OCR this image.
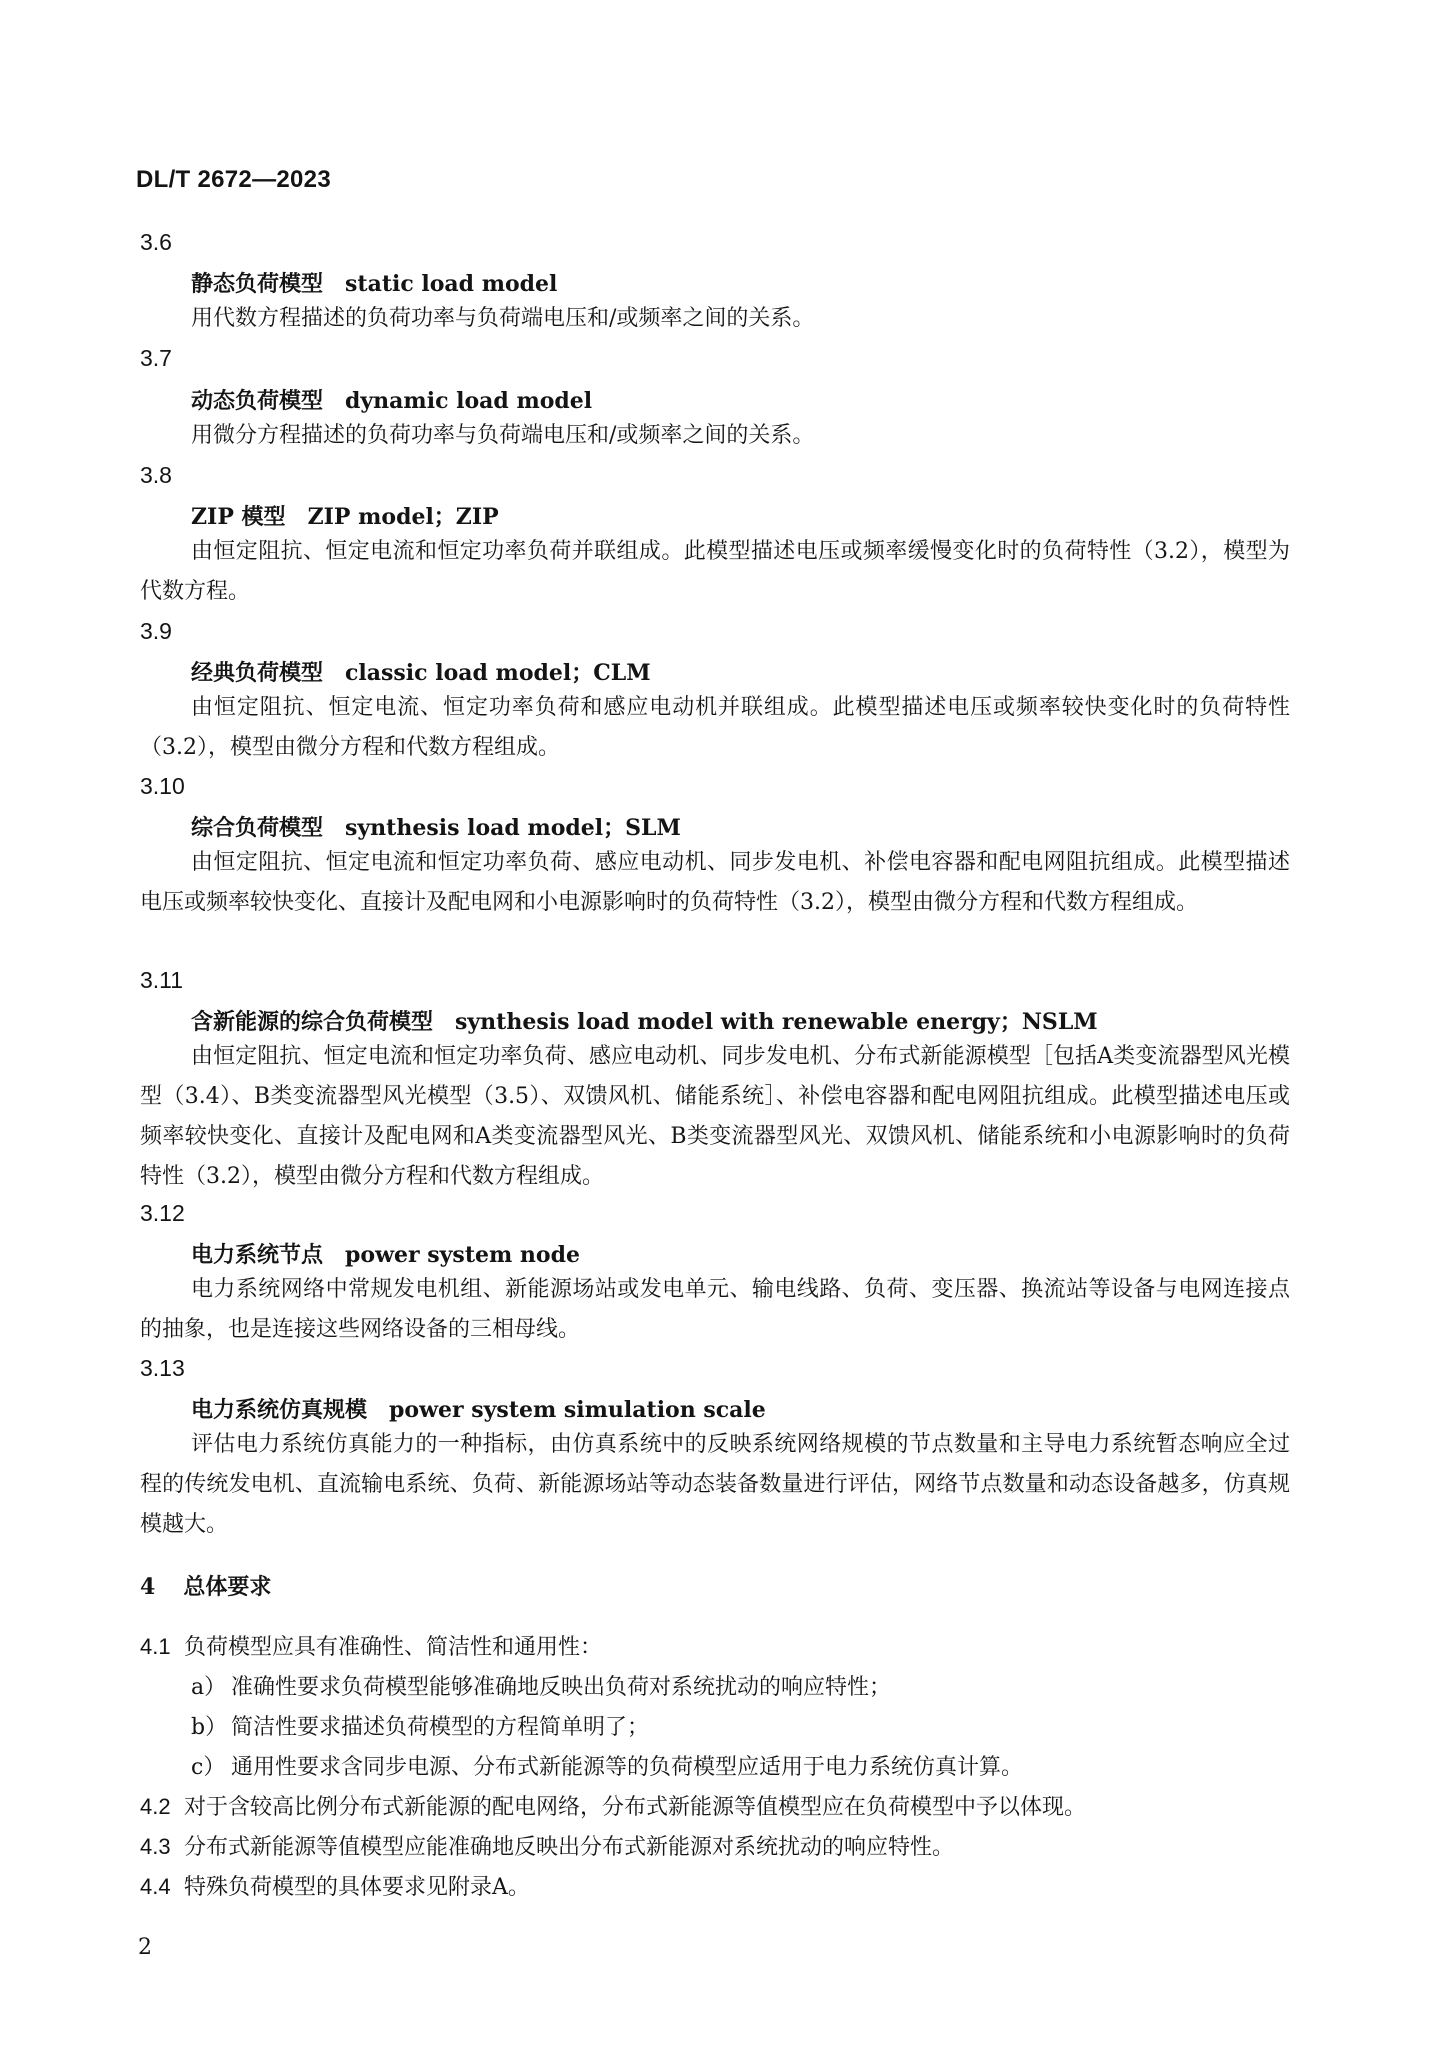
DL/T 2672—2023
3.6
静态负荷模型 static load model

用代数方程描述的负荷功率与负荷端电压和/或频率之间的关系。

3.7
动态负荷模型 dynamic load model

用微分方程描述的负荷功率与负荷端电压和/或频率之间的关系。

3.8
ZIP 模型 ZIP model；ZIP

由恒定阻抗、恒定电流和恒定功率负荷并联组成。此模型描述电压或频率缓慢变化时的负荷特性（3.2），模型为代数方程。

3.9
经典负荷模型 classic load model；CLM

由恒定阻抗、恒定电流、恒定功率负荷和感应电动机并联组成。此模型描述电压或频率较快变化时的负荷特性（3.2），模型由微分方程和代数方程组成。

3.10
综合负荷模型 synthesis load model；SLM

由恒定阻抗、恒定电流和恒定功率负荷、感应电动机、同步发电机、补偿电容器和配电网阻抗组成。此模型描述电压或频率较快变化、直接计及配电网和小电源影响时的负荷特性（3.2），模型由微分方程和代数方程组成。

3.11
含新能源的综合负荷模型 synthesis load model with renewable energy；NSLM

由恒定阻抗、恒定电流和恒定功率负荷、感应电动机、同步发电机、分布式新能源模型［包括A类变流器型风光模型（3.4）、B类变流器型风光模型（3.5）、双馈风机、储能系统］、补偿电容器和配电网阻抗组成。此模型描述电压或频率较快变化、直接计及配电网和A类变流器型风光、B类变流器型风光、双馈风机、储能系统和小电源影响时的负荷特性（3.2），模型由微分方程和代数方程组成。

3.12
电力系统节点 power system node

电力系统网络中常规发电机组、新能源场站或发电单元、输电线路、负荷、变压器、换流站等设备与电网连接点的抽象，也是连接这些网络设备的三相母线。

3.13
电力系统仿真规模 power system simulation scale

评估电力系统仿真能力的一种指标，由仿真系统中的反映系统网络规模的节点数量和主导电力系统暂态响应全过程的传统发电机、直流输电系统、负荷、新能源场站等动态装备数量进行评估，网络节点数量和动态设备越多，仿真规模越大。

4 总体要求
4.1 负荷模型应具有准确性、简洁性和通用性：
a） 准确性要求负荷模型能够准确地反映出负荷对系统扰动的响应特性；
b） 简洁性要求描述负荷模型的方程简单明了；
c） 通用性要求含同步电源、分布式新能源等的负荷模型应适用于电力系统仿真计算。
4.2 对于含较高比例分布式新能源的配电网络，分布式新能源等值模型应在负荷模型中予以体现。
4.3 分布式新能源等值模型应能准确地反映出分布式新能源对系统扰动的响应特性。
4.4 特殊负荷模型的具体要求见附录A。
2
